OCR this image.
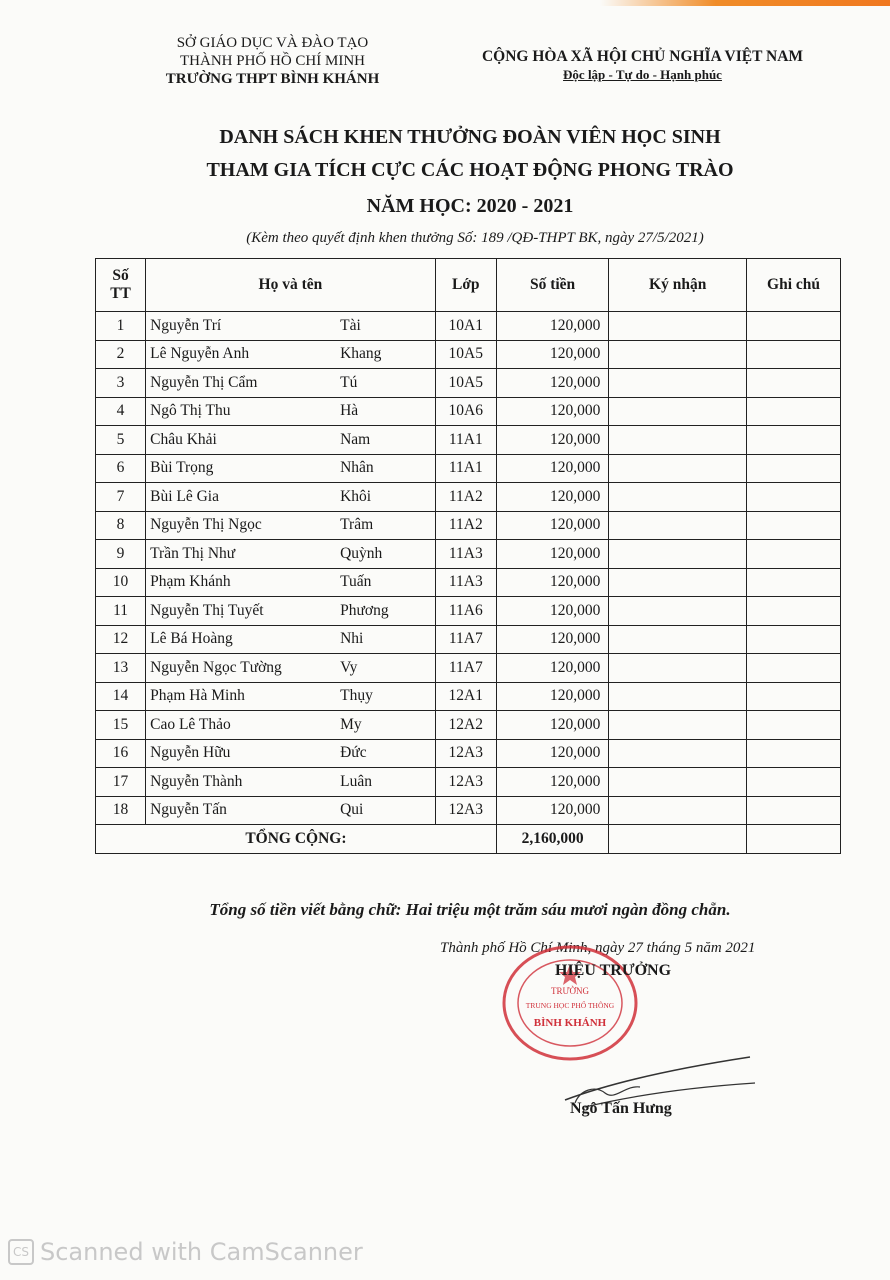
SỞ GIÁO DỤC VÀ ĐÀO TẠO
THÀNH PHỐ HỒ CHÍ MINH
TRƯỜNG THPT BÌNH KHÁNH
CỘNG HÒA XÃ HỘI CHỦ NGHĨA VIỆT NAM
Độc lập - Tự do - Hạnh phúc
DANH SÁCH KHEN THƯỞNG ĐOÀN VIÊN HỌC SINH
THAM GIA TÍCH CỰC CÁC HOẠT ĐỘNG PHONG TRÀO
NĂM HỌC: 2020 - 2021
(Kèm theo quyết định khen thưởng Số: 189 /QĐ-THPT BK, ngày 27/5/2021)
Số
TT	Họ và tên	Lớp	Số tiền	Ký nhận	Ghi chú
1	Nguyễn Trí Tài	10A1	120,000		
2	Lê Nguyễn Anh Khang	10A5	120,000		
3	Nguyễn Thị Cẩm Tú	10A5	120,000		
4	Ngô Thị Thu Hà	10A6	120,000		
5	Châu Khải Nam	11A1	120,000		
6	Bùi Trọng Nhân	11A1	120,000		
7	Bùi Lê Gia Khôi	11A2	120,000		
8	Nguyễn Thị Ngọc Trâm	11A2	120,000		
9	Trần Thị Như Quỳnh	11A3	120,000		
10	Phạm Khánh Tuấn	11A3	120,000		
11	Nguyễn Thị Tuyết Phương	11A6	120,000		
12	Lê Bá Hoàng Nhi	11A7	120,000		
13	Nguyễn Ngọc Tường Vy	11A7	120,000		
14	Phạm Hà Minh Thụy	12A1	120,000		
15	Cao Lê Thảo My	12A2	120,000		
16	Nguyễn Hữu Đức	12A3	120,000		
17	Nguyễn Thành Luân	12A3	120,000		
18	Nguyễn Tấn Qui	12A3	120,000		
TỔNG CỘNG:			2,160,000		
Tổng số tiền viết bằng chữ: Hai triệu một trăm sáu mươi ngàn đồng chẵn.
Thành phố Hồ Chí Minh, ngày 27 tháng 5 năm 2021
TRƯỜNG
TRUNG HỌC PHỔ THÔNG
BÌNH KHÁNH
HIỆU TRƯỞNG
Ngô Tấn Hưng
CS Scanned with CamScanner
